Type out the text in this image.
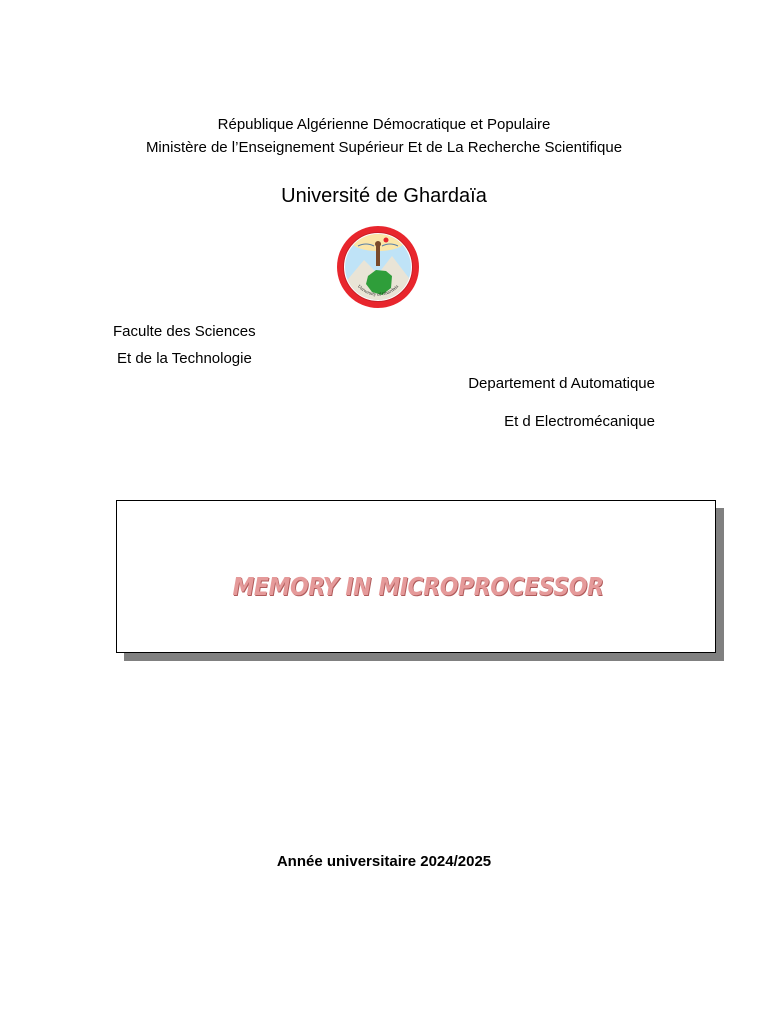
République Algérienne Démocratique et Populaire
Ministère de l’Enseignement Supérieur Et de La Recherche Scientifique
Université de Ghardaïa
University of Ghardaia
Faculte des Sciences
Et de la Technologie
Departement d Automatique
Et d Electromécanique
MEMORY IN MICROPROCESSOR
Année universitaire 2024/2025
